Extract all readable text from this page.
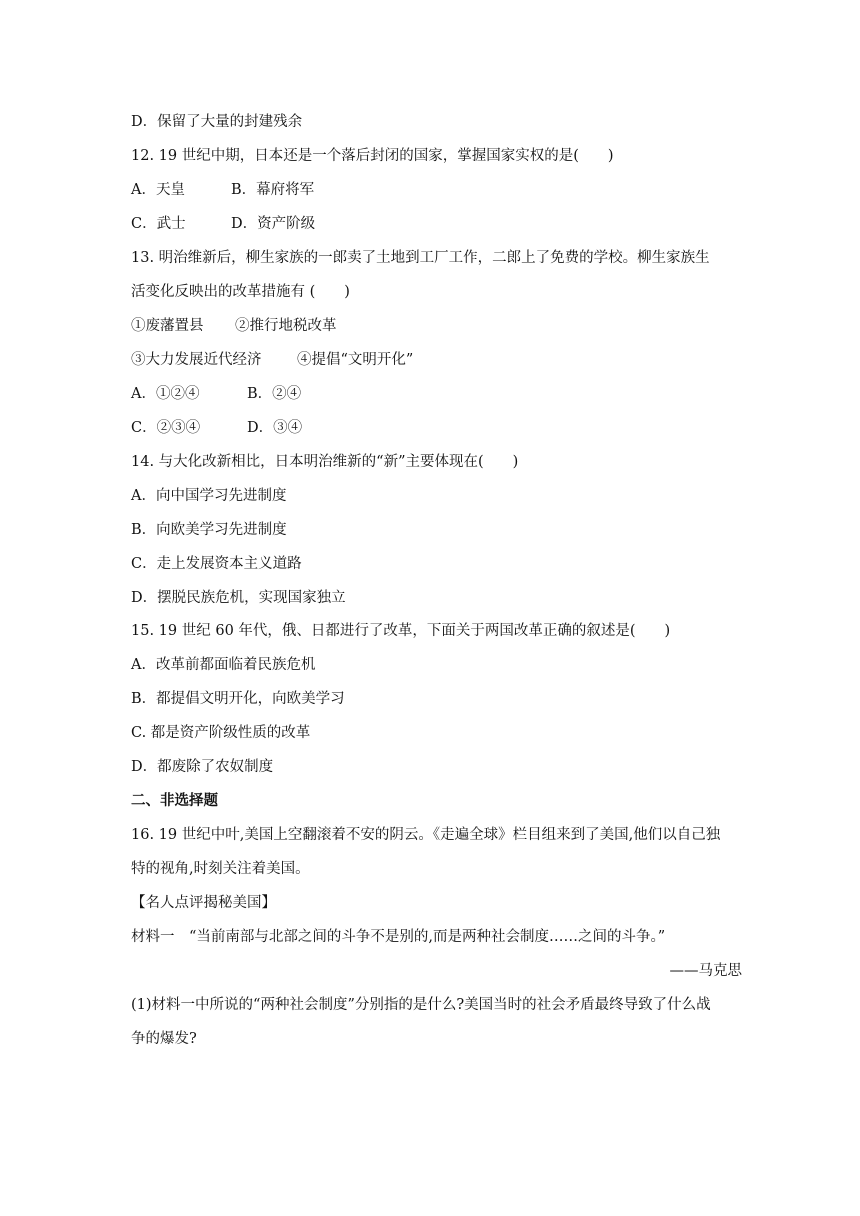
D．保留了大量的封建残余
12. 19 世纪中期，日本还是一个落后封闭的国家，掌握国家实权的是(　　)
A．天皇	B．幕府将军
C．武士	D．资产阶级
13. 明治维新后，柳生家族的一郎卖了土地到工厂工作，二郎上了免费的学校。柳生家族生
活变化反映出的改革措施有 (　　)
①废藩置县 ②推行地税改革
③大力发展近代经济 ④提倡“文明开化”
A．①②④	B．②④
C．②③④	D．③④
14. 与大化改新相比，日本明治维新的“新”主要体现在(　　)
A．向中国学习先进制度
B．向欧美学习先进制度
C．走上发展资本主义道路
D．摆脱民族危机，实现国家独立
15. 19 世纪 60 年代，俄、日都进行了改革，下面关于两国改革正确的叙述是(　　)
A．改革前都面临着民族危机
B．都提倡文明开化，向欧美学习
C. 都是资产阶级性质的改革
D．都废除了农奴制度
二、非选择题
16. 19 世纪中叶,美国上空翻滚着不安的阴云。《走遍全球》栏目组来到了美国,他们以自己独
特的视角,时刻关注着美国。
【名人点评揭秘美国】
材料一　“当前南部与北部之间的斗争不是别的,而是两种社会制度……之间的斗争。”
——马克思
(1)材料一中所说的“两种社会制度”分别指的是什么?美国当时的社会矛盾最终导致了什么战
争的爆发?
